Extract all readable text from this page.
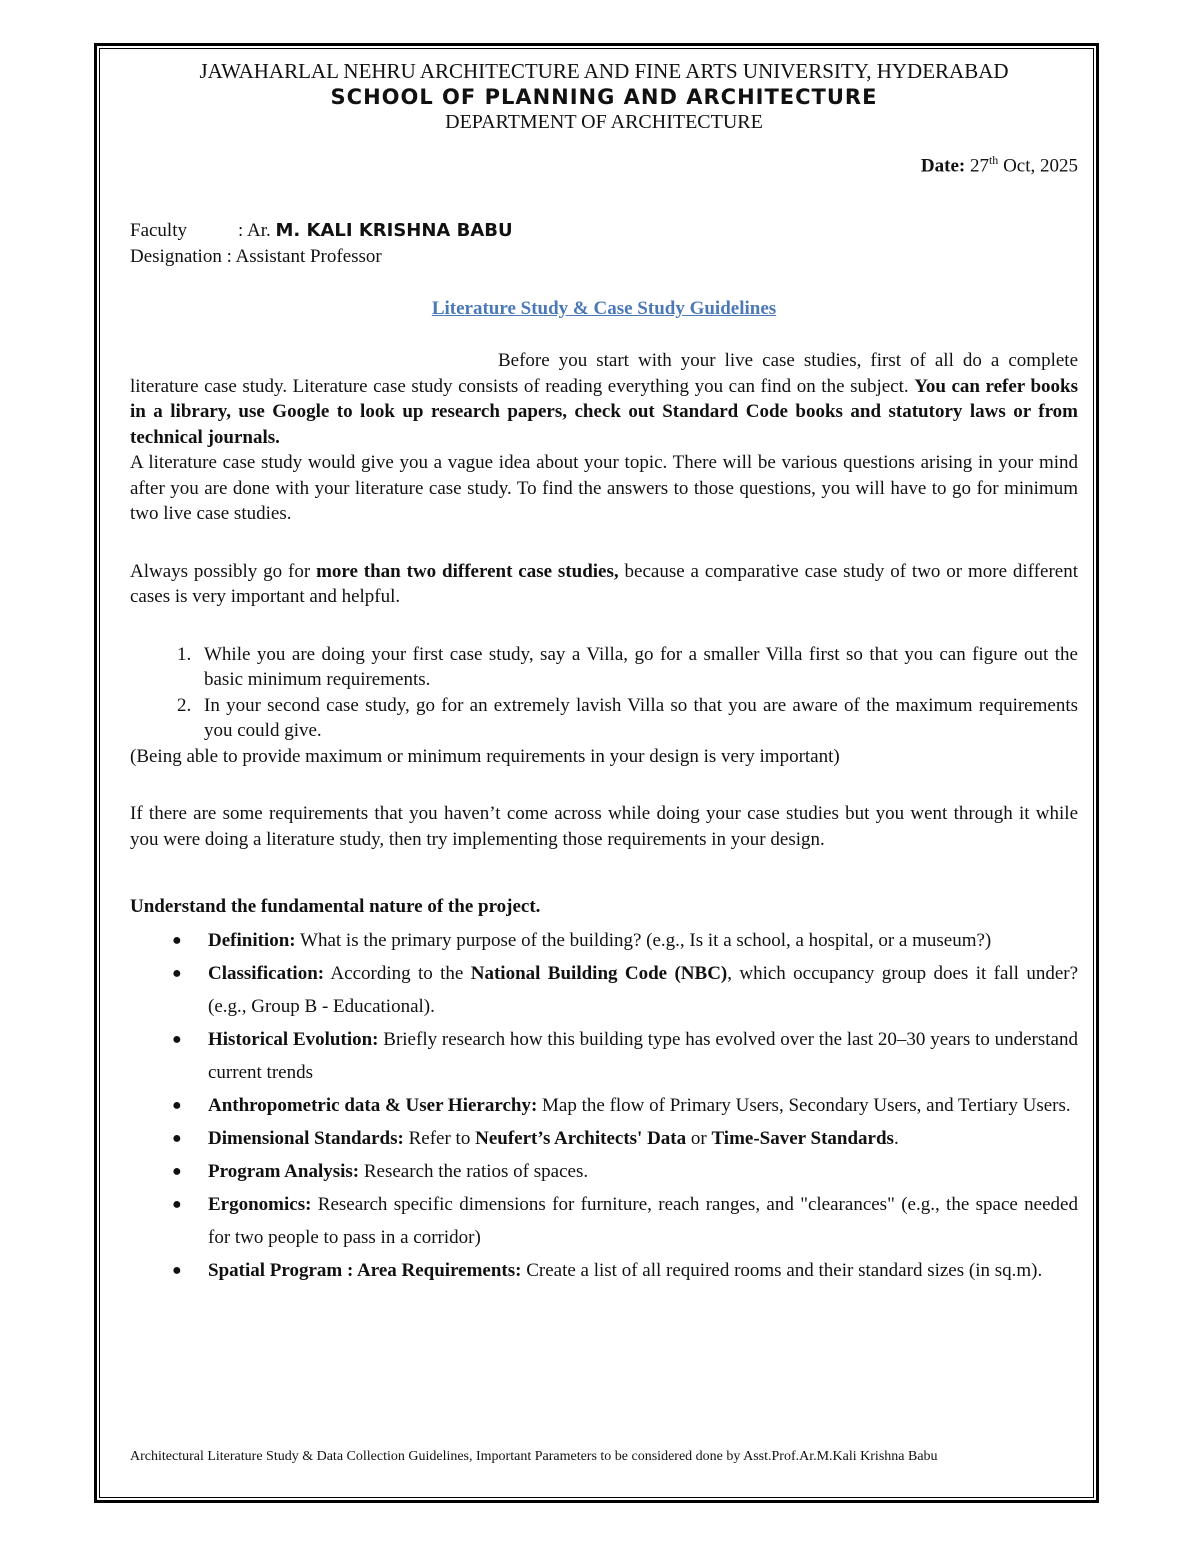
JAWAHARLAL NEHRU ARCHITECTURE AND FINE ARTS UNIVERSITY, HYDERABAD
SCHOOL OF PLANNING AND ARCHITECTURE
DEPARTMENT OF ARCHITECTURE
Date: 27th Oct, 2025
Faculty	: Ar. M. KALI KRISHNA BABU
Designation : Assistant Professor
Literature Study & Case Study Guidelines
Before you start with your live case studies, first of all do a complete literature case study. Literature case study consists of reading everything you can find on the subject. You can refer books in a library, use Google to look up research papers, check out Standard Code books and statutory laws or from technical journals.
A literature case study would give you a vague idea about your topic. There will be various questions arising in your mind after you are done with your literature case study. To find the answers to those questions, you will have to go for minimum two live case studies.
Always possibly go for more than two different case studies, because a comparative case study of two or more different cases is very important and helpful.
1. While you are doing your first case study, say a Villa, go for a smaller Villa first so that you can figure out the basic minimum requirements.
2. In your second case study, go for an extremely lavish Villa so that you are aware of the maximum requirements you could give.
(Being able to provide maximum or minimum requirements in your design is very important)
If there are some requirements that you haven’t come across while doing your case studies but you went through it while you were doing a literature study, then try implementing those requirements in your design.
Understand the fundamental nature of the project.
● Definition: What is the primary purpose of the building? (e.g., Is it a school, a hospital, or a museum?)
● Classification: According to the National Building Code (NBC), which occupancy group does it fall under? (e.g., Group B - Educational).
● Historical Evolution: Briefly research how this building type has evolved over the last 20–30 years to understand current trends
● Anthropometric data & User Hierarchy: Map the flow of Primary Users, Secondary Users, and Tertiary Users.
● Dimensional Standards: Refer to Neufert’s Architects' Data or Time-Saver Standards.
● Program Analysis: Research the ratios of spaces.
● Ergonomics: Research specific dimensions for furniture, reach ranges, and "clearances" (e.g., the space needed for two people to pass in a corridor)
● Spatial Program : Area Requirements: Create a list of all required rooms and their standard sizes (in sq.m).
Architectural Literature Study & Data Collection Guidelines, Important Parameters to be considered done by Asst.Prof.Ar.M.Kali Krishna Babu
